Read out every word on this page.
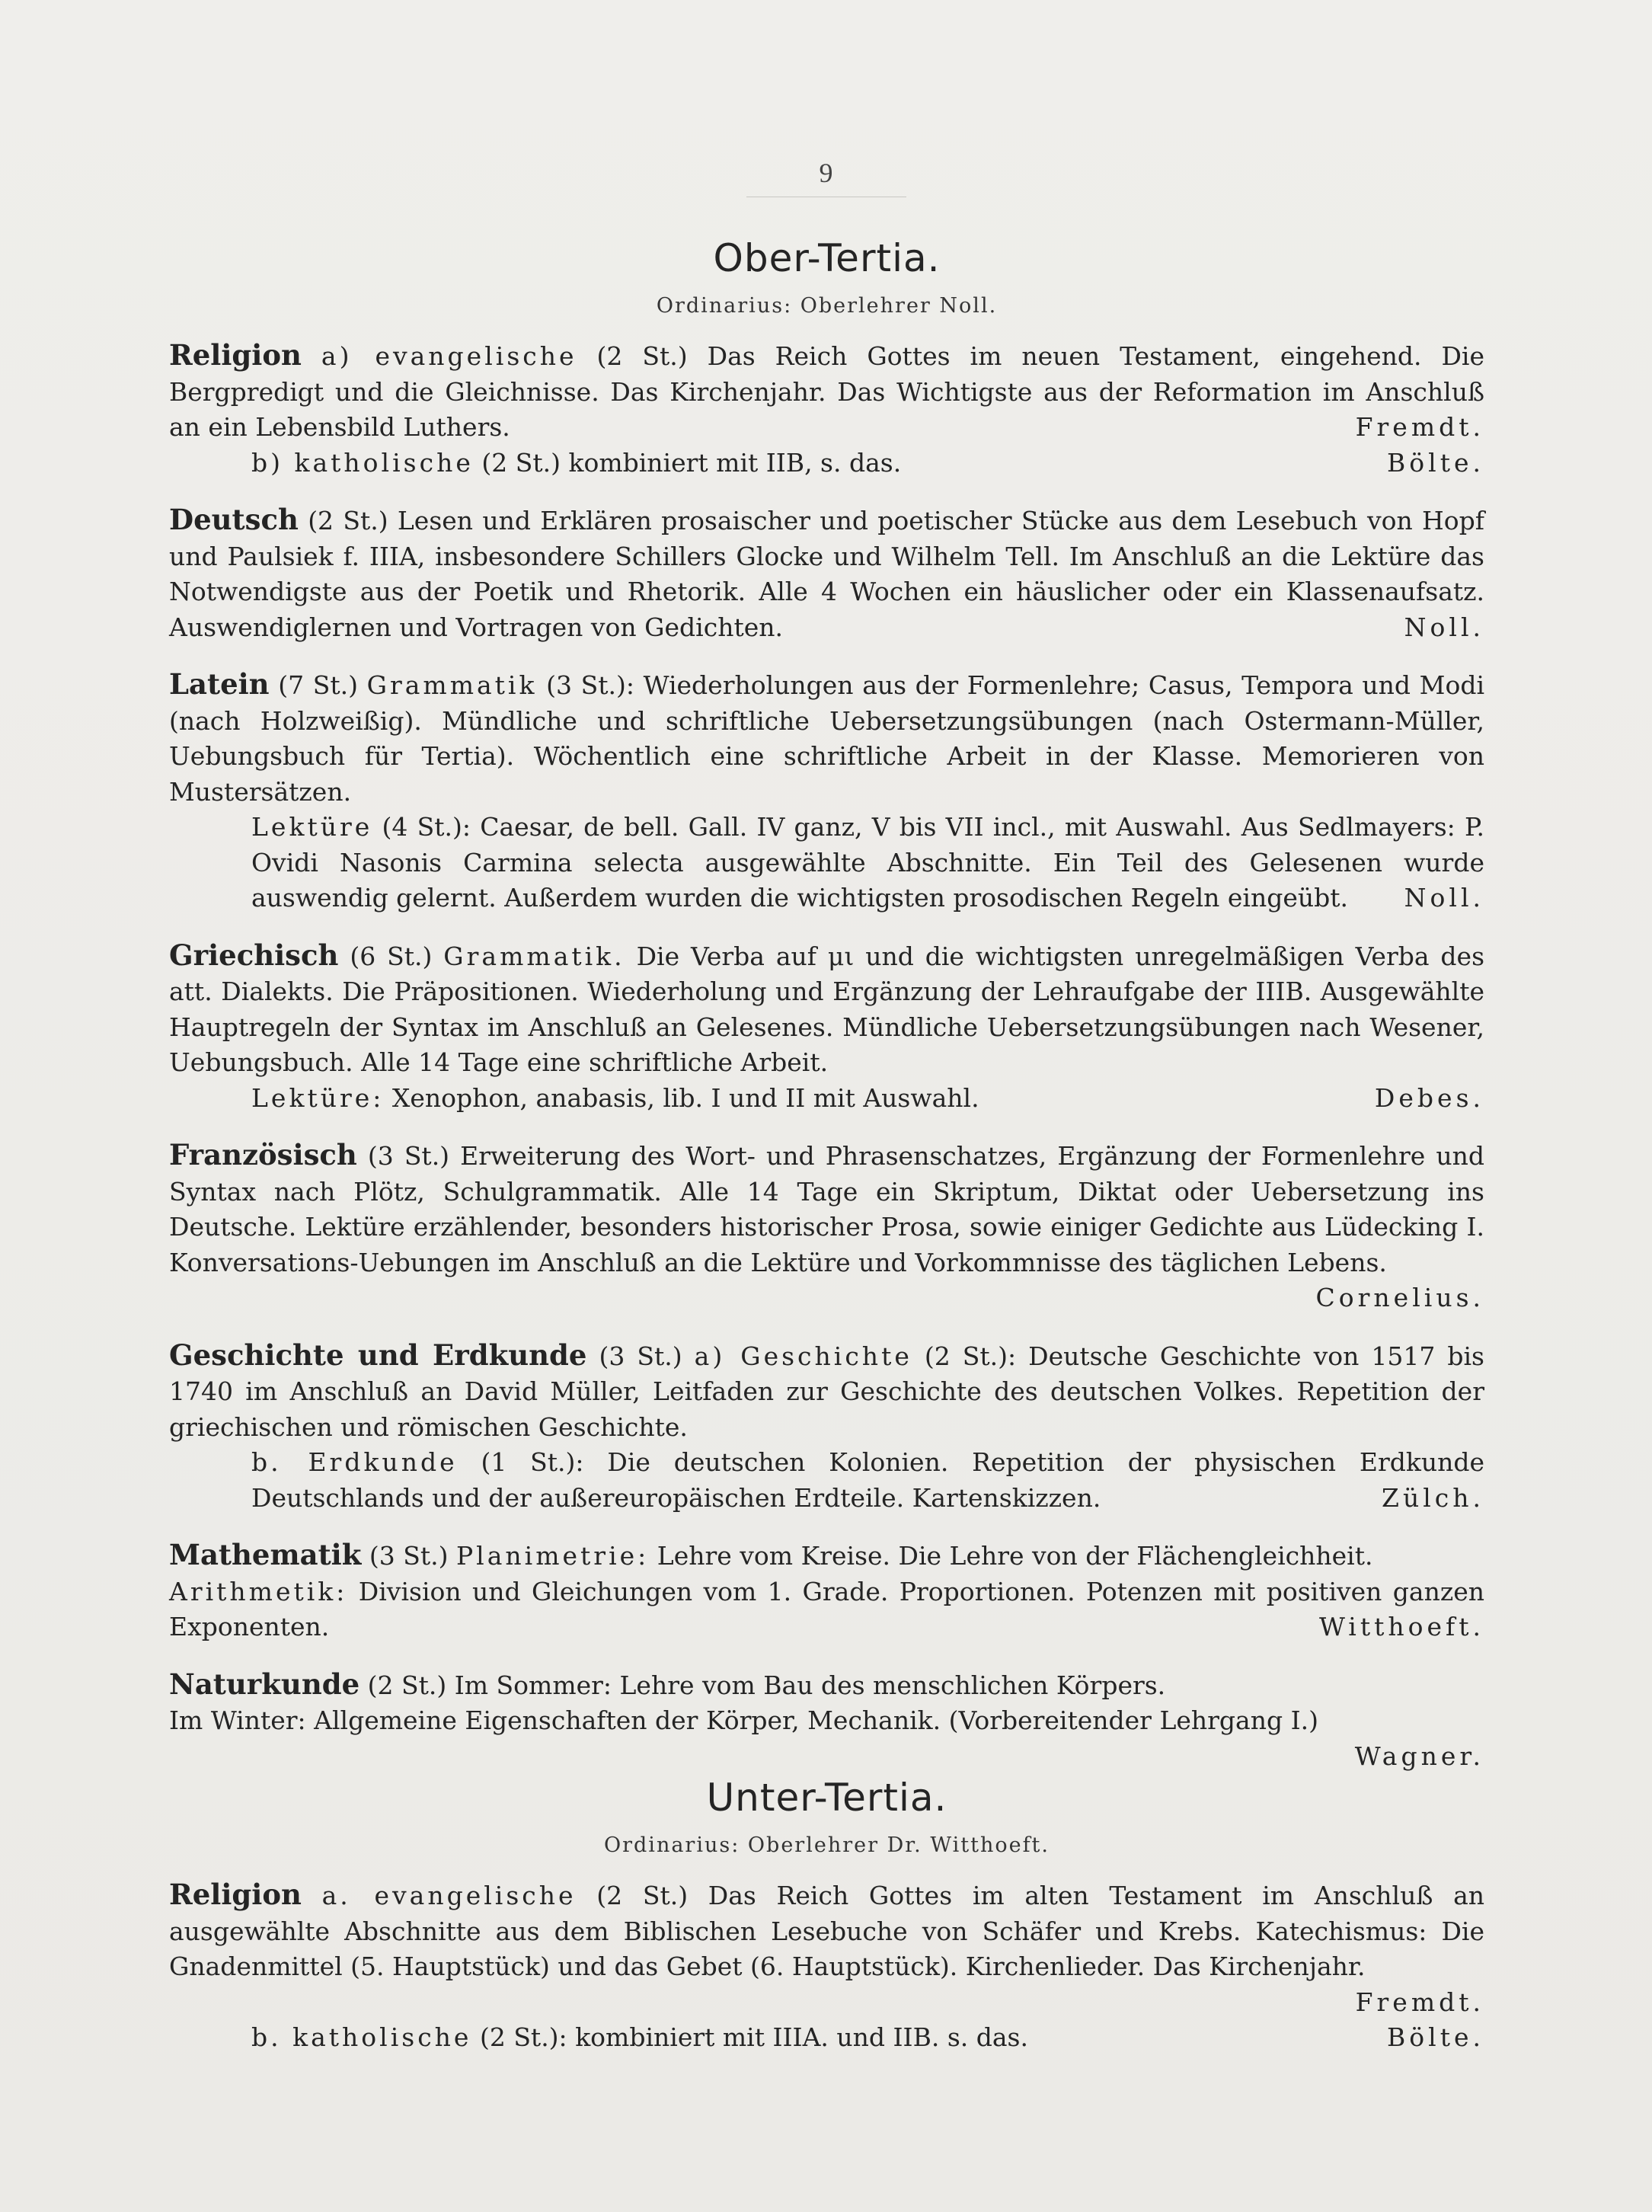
9
Ober-Tertia.
Ordinarius: Oberlehrer Noll.

Religion a) evangelische (2 St.) Das Reich Gottes im neuen Testament, eingehend. Die Bergpredigt und die Gleichnisse. Das Kirchenjahr. Das Wichtigste aus der Reformation im Anschluß an ein Lebensbild Luthers.	Fremdt.

b) katholische (2 St.) kombiniert mit IIB, s. das.	Bölte.

Deutsch (2 St.) Lesen und Erklären prosaischer und poetischer Stücke aus dem Lesebuch von Hopf und Paulsiek f. IIIA, insbesondere Schillers Glocke und Wilhelm Tell. Im Anschluß an die Lektüre das Notwendigste aus der Poetik und Rhetorik. Alle 4 Wochen ein häuslicher oder ein Klassenaufsatz. Auswendiglernen und Vortragen von Gedichten.	Noll.

Latein (7 St.) Grammatik (3 St.): Wiederholungen aus der Formenlehre; Casus, Tempora und Modi (nach Holzweißig). Mündliche und schriftliche Uebersetzungsübungen (nach Ostermann-Müller, Uebungsbuch für Tertia). Wöchentlich eine schriftliche Arbeit in der Klasse. Memorieren von Mustersätzen.

Lektüre (4 St.): Caesar, de bell. Gall. IV ganz, V bis VII incl., mit Auswahl. Aus Sedlmayers: P. Ovidi Nasonis Carmina selecta ausgewählte Abschnitte. Ein Teil des Gelesenen wurde auswendig gelernt. Außerdem wurden die wichtigsten prosodischen Regeln eingeübt. Noll.

Griechisch (6 St.) Grammatik. Die Verba auf μι und die wichtigsten unregelmäßigen Verba des att. Dialekts. Die Präpositionen. Wiederholung und Ergänzung der Lehraufgabe der IIIB. Ausgewählte Hauptregeln der Syntax im Anschluß an Gelesenes. Mündliche Uebersetzungsübungen nach Wesener, Uebungsbuch. Alle 14 Tage eine schriftliche Arbeit.

Lektüre: Xenophon, anabasis, lib. I und II mit Auswahl.	Debes.

Französisch (3 St.) Erweiterung des Wort- und Phrasenschatzes, Ergänzung der Formenlehre und Syntax nach Plötz, Schulgrammatik. Alle 14 Tage ein Skriptum, Diktat oder Uebersetzung ins Deutsche. Lektüre erzählender, besonders historischer Prosa, sowie einiger Gedichte aus Lüdecking I. Konversations-Uebungen im Anschluß an die Lektüre und Vorkommnisse des täglichen Lebens.
Cornelius.

Geschichte und Erdkunde (3 St.) a) Geschichte (2 St.): Deutsche Geschichte von 1517 bis 1740 im Anschluß an David Müller, Leitfaden zur Geschichte des deutschen Volkes. Repetition der griechischen und römischen Geschichte.

b. Erdkunde (1 St.): Die deutschen Kolonien. Repetition der physischen Erdkunde Deutschlands und der außereuropäischen Erdteile. Kartenskizzen.	Zülch.

Mathematik (3 St.) Planimetrie: Lehre vom Kreise. Die Lehre von der Flächengleichheit.

Arithmetik: Division und Gleichungen vom 1. Grade. Proportionen. Potenzen mit positiven ganzen Exponenten.	Witthoeft.

Naturkunde (2 St.) Im Sommer: Lehre vom Bau des menschlichen Körpers.

Im Winter: Allgemeine Eigenschaften der Körper, Mechanik. (Vorbereitender Lehrgang I.)

Wagner.

Unter-Tertia.
Ordinarius: Oberlehrer Dr. Witthoeft.

Religion a. evangelische (2 St.) Das Reich Gottes im alten Testament im Anschluß an ausgewählte Abschnitte aus dem Biblischen Lesebuche von Schäfer und Krebs. Katechismus: Die Gnadenmittel (5. Hauptstück) und das Gebet (6. Hauptstück). Kirchenlieder. Das Kirchenjahr.
Fremdt.

b. katholische (2 St.): kombiniert mit IIIA. und IIB. s. das.	Bölte.
